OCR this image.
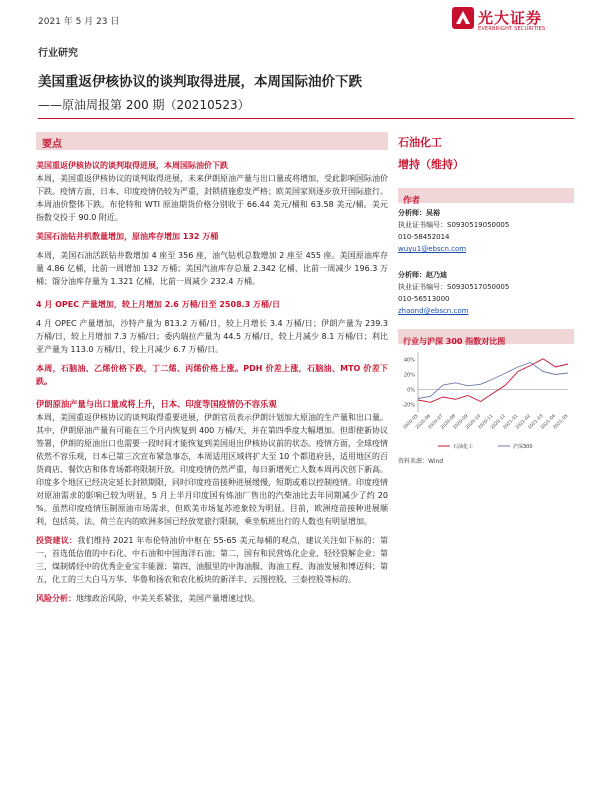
2021 年 5 月 23 日	光大证券
EVERBRIGHT SECURITIES
行业研究
美国重返伊核协议的谈判取得进展，本周国际油价下跌
——原油周报第 200 期（20210523）
要点
美国重返伊核协议的谈判取得进展，本周国际油价下跌
本周，美国重返伊核协议的谈判取得进展，未来伊朗原油产量与出口量或将增加，受此影响国际油价下跌。疫情方面，日本、印度疫情仍较为严重，封锁措施愈发严格；欧美国家则逐步放开国际旅行。本周油价整体下跌。布伦特和 WTI 原油期货价格分别收于 66.44 美元/桶和 63.58 美元/桶。美元指数交投于 90.0 附近。
美国石油钻井机数量增加，原油库存增加 132 万桶
本周，美国石油活跃钻井数增加 4 座至 356 座，油气钻机总数增加 2 座至 455 座。美国原油库存量 4.86 亿桶，比前一周增加 132 万桶；美国汽油库存总量 2.342 亿桶，比前一周减少 196.3 万桶；馏分油库存量为 1.321 亿桶，比前一周减少 232.4 万桶。
4 月 OPEC 产量增加，较上月增加 2.6 万桶/日至 2508.3 万桶/日
4 月 OPEC 产量增加，沙特产量为 813.2 万桶/日，较上月增长 3.4 万桶/日；伊朗产量为 239.3 万桶/日，较上月增加 7.3 万桶/日；委内瑞拉产量为 44.5 万桶/日，较上月减少 8.1 万桶/日；利比亚产量为 113.0 万桶/日，较上月减少 6.7 万桶/日。
本周，石脑油、乙烯价格下跌，丁二烯、丙烯价格上涨。PDH 价差上涨，石脑油、MTO 价差下跌。
伊朗原油产量与出口量或将上升，日本、印度等国疫情仍不容乐观
本周，美国重返伊核协议的谈判取得重要进展，伊朗官员表示伊朗计划加大原油的生产量和出口量。其中，伊朗原油产量有可能在三个月内恢复到 400 万桶/天，并在第四季度大幅增加。但即使新协议签署，伊朗的原油出口也需要一段时间才能恢复到美国退出伊核协议前的状态。疫情方面，全球疫情依然不容乐观，日本已第三次宣布紧急事态，本周适用区域将扩大至 10 个都道府县，适用地区的百货商店、餐饮店和体育场都将限制开放。印度疫情仍然严重，每日新增死亡人数本周再次创下新高。印度多个地区已经决定延长封锁期限，同时印度疫苗接种进展缓慢，短期或难以控制疫情。印度疫情对原油需求的影响已较为明显，5 月上半月印度国有炼油厂售出的汽柴油比去年同期减少了约 20 %。虽然印度疫情压制原油市场需求，但欧美市场复苏迹象较为明显。目前，欧洲疫苗接种进展顺利，包括英、法、荷兰在内的欧洲多国已经放宽旅行限制，乘坐航班出行的人数也有明显增加。
投资建议：我们维持 2021 年布伦特油价中枢在 55-65 美元每桶的观点，建议关注如下标的：第一，首选低估值的中石化、中石油和中国海洋石油；第二，国有和民营炼化企业、轻烃裂解企业；第三，煤制烯烃中的优秀企业宝丰能源；第四、油服里的中海油服、海油工程、海油发展和博迈科；第五，化工的三大白马万华、华鲁和扬农和农化板块的新洋丰、云图控股、三泰控股等标的。
风险分析：地缘政治风险，中美关系紧张，美国产量增速过快。
石油化工
增持（维持）
作者
分析师：吴裕
执业证书编号：S0930519050005
010-58452014
wuyu1@ebscn.com
分析师：赵乃迪
执业证书编号：S0930517050005
010-56513000
zhaond@ebscn.com
行业与沪深 300 指数对比图
-20%
0%
20%
40%
2020-05
2020-06
2020-07
2020-08
2020-09
2020-10
2020-11
2020-12
2021-01
2021-02
2021-03
2021-04
2021-05
石油化工	沪深300
资料来源：Wind
